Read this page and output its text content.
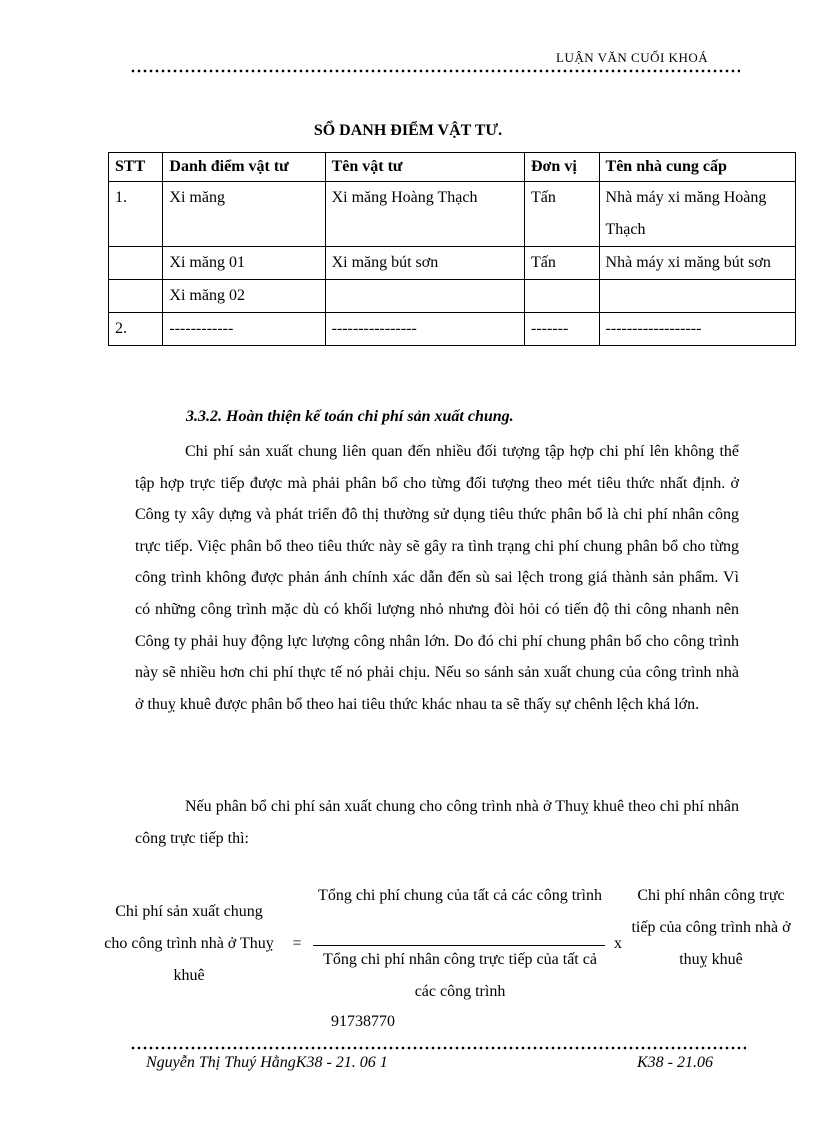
LUẬN VĂN CUỐI KHOÁ
SỔ DANH ĐIỂM VẬT TƯ.
STT	Danh điểm vật tư	Tên vật tư	Đơn vị	Tên nhà cung cấp
1.	Xi măng	Xi măng Hoàng Thạch	Tấn	Nhà máy xi măng Hoàng Thạch
	Xi măng 01	Xi măng bút sơn	Tấn	Nhà máy xi măng bút sơn
	Xi măng 02			
2.	------------	----------------	-------	------------------
3.3.2. Hoàn thiện kế toán chi phí sản xuất chung.
Chi phí sản xuất chung liên quan đến nhiều đối tượng tập hợp chi phí lên không thể tập hợp trực tiếp được mà phải phân bổ cho từng đối tượng theo mét tiêu thức nhất định. ở Công ty xây dựng và phát triển đô thị thường sử dụng tiêu thức phân bổ là chi phí nhân công trực tiếp. Việc phân bổ theo tiêu thức này sẽ gây ra tình trạng chi phí chung phân bổ cho từng công trình không được phản ánh chính xác dẫn đến sù sai lệch trong giá thành sản phẩm. Vì có những công trình mặc dù có khối lượng nhỏ nhưng đòi hỏi có tiến độ thi công nhanh nên Công ty phải huy động lực lượng công nhân lớn. Do đó chi phí chung phân bổ cho công trình này sẽ nhiều hơn chi phí thực tế nó phải chịu. Nếu so sánh sản xuất chung của công trình nhà ở thuỵ khuê được phân bổ theo hai tiêu thức khác nhau ta sẽ thấy sự chênh lệch khá lớn.
Nếu phân bổ chi phí sản xuất chung cho công trình nhà ở Thuỵ khuê theo chi phí nhân công trực tiếp thì:
Chi phí sản xuất chung cho công trình nhà ở Thuỵ khuê
=
Tổng chi phí chung của tất cả các công trình
Tổng chi phí nhân công trực tiếp của tất cả các công trình
x
Chi phí nhân công trực tiếp của công trình nhà ở thuỵ khuê
91738770
Nguyễn Thị Thuý HằngK38 - 21. 06 1	K38 - 21.06
